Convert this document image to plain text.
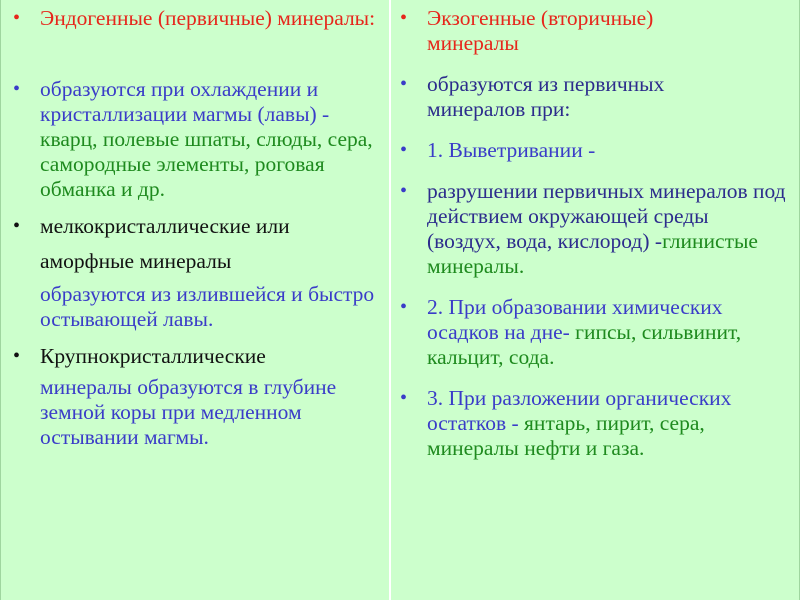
• Эндогенные (первичные) минералы:

• образуются при охлаждении и кристаллизации магмы (лавы) - кварц, полевые шпаты, слюды, сера, самородные элементы, роговая обманка и др.

• мелкокристаллические или

аморфные минералы

образуются из излившейся и быстро остывающей лавы.

• Крупнокристаллические

минералы образуются в глубине земной коры при медленном остывании магмы.

• Экзогенные (вторичные) минералы

• образуются из первичных минералов при:

• 1. Выветривании -

• разрушении первичных минералов под действием окружающей среды (воздух, вода, кислород) -глинистые минералы.

• 2. При образовании химических осадков на дне- гипсы, сильвинит, кальцит, сода.

• 3. При разложении органических остатков - янтарь, пирит, сера, минералы нефти и газа.
